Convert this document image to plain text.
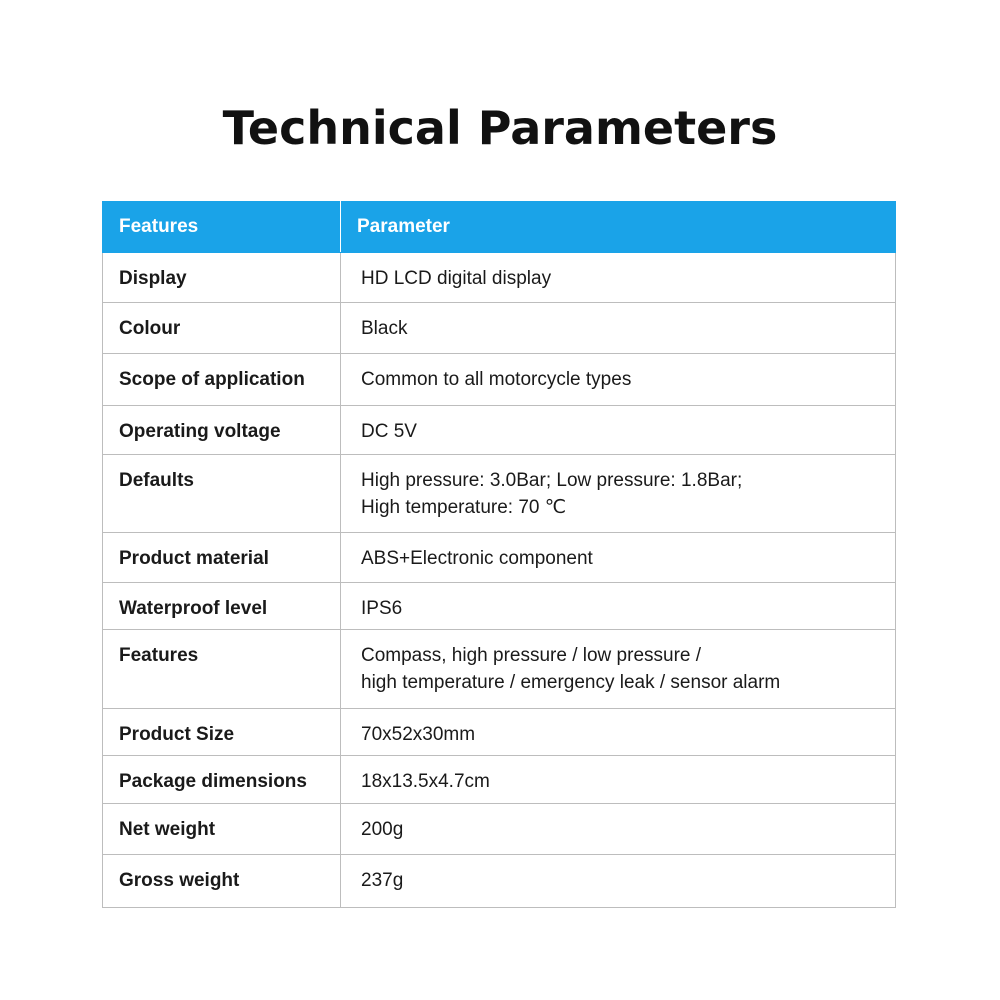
Technical Parameters
Features	Parameter
Display	HD LCD digital display

Colour	Black

Scope of application	Common to all motorcycle types

Operating voltage	DC 5V

Defaults	High pressure: 3.0Bar; Low pressure: 1.8Bar;
High temperature: 70 ℃

Product material	ABS+Electronic component

Waterproof level	IPS6

Features	Compass, high pressure / low pressure /
high temperature / emergency leak / sensor alarm

Product Size	70x52x30mm

Package dimensions	18x13.5x4.7cm

Net weight	200g

Gross weight	237g
